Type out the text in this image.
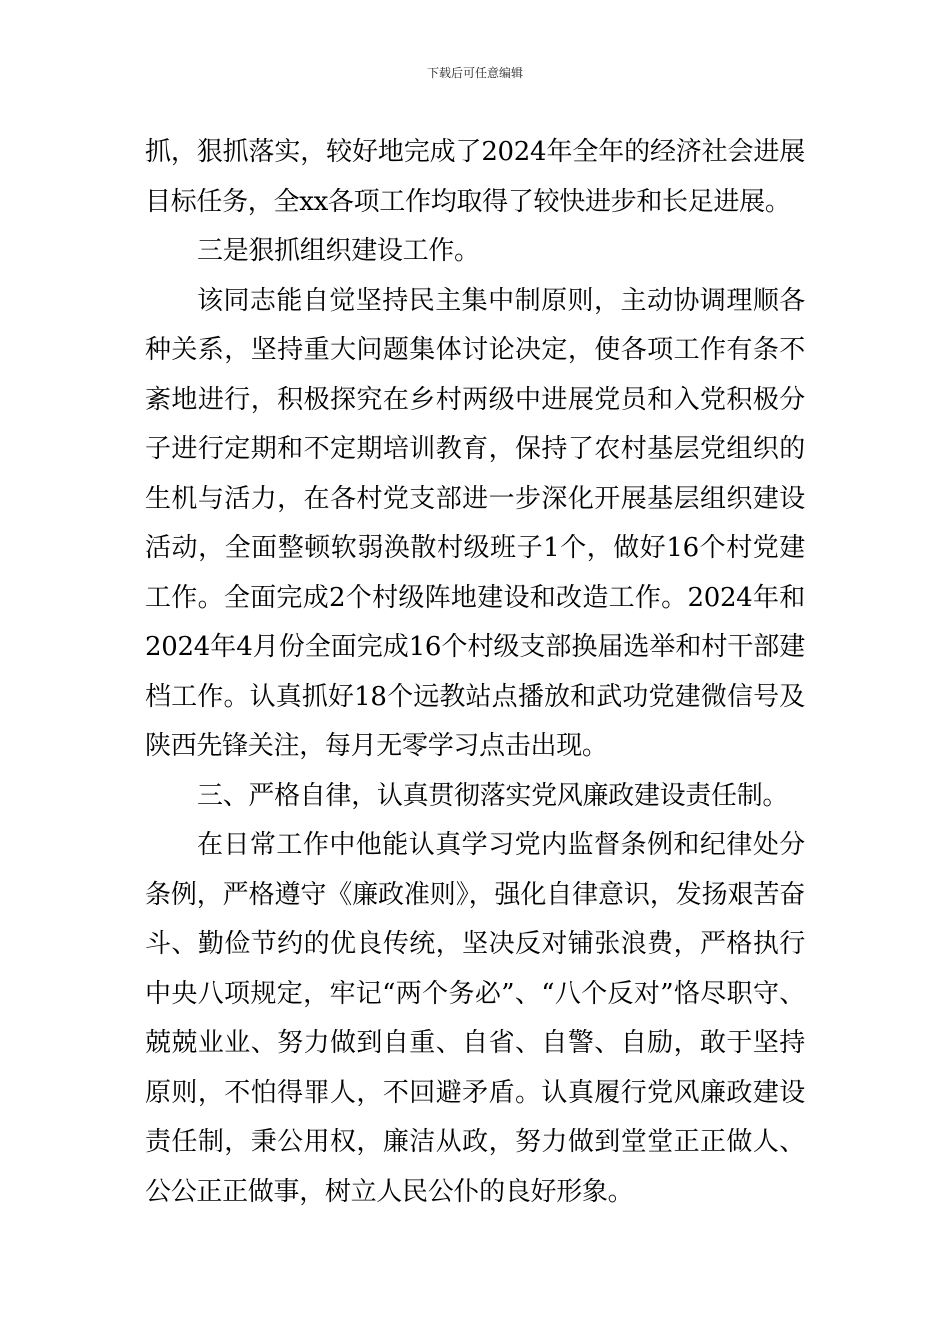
下载后可任意编辑

抓，狠抓落实，较好地完成了2024年全年的经济社会进展目标任务，全xx各项工作均取得了较快进步和长足进展。

三是狠抓组织建设工作。

该同志能自觉坚持民主集中制原则，主动协调理顺各种关系，坚持重大问题集体讨论决定，使各项工作有条不紊地进行，积极探究在乡村两级中进展党员和入党积极分子进行定期和不定期培训教育，保持了农村基层党组织的生机与活力，在各村党支部进一步深化开展基层组织建设活动，全面整顿软弱涣散村级班子1个，做好16个村党建工作。全面完成2个村级阵地建设和改造工作。2024年和2024年4月份全面完成16个村级支部换届选举和村干部建档工作。认真抓好18个远教站点播放和武功党建微信号及陕西先锋关注，每月无零学习点击出现。

三、严格自律，认真贯彻落实党风廉政建设责任制。

在日常工作中他能认真学习党内监督条例和纪律处分条例，严格遵守《廉政准则》，强化自律意识，发扬艰苦奋斗、勤俭节约的优良传统，坚决反对铺张浪费，严格执行中央八项规定，牢记“两个务必”、“八个反对”恪尽职守、兢兢业业、努力做到自重、自省、自警、自励，敢于坚持原则，不怕得罪人，不回避矛盾。认真履行党风廉政建设责任制，秉公用权，廉洁从政，努力做到堂堂正正做人、公公正正做事，树立人民公仆的良好形象。
